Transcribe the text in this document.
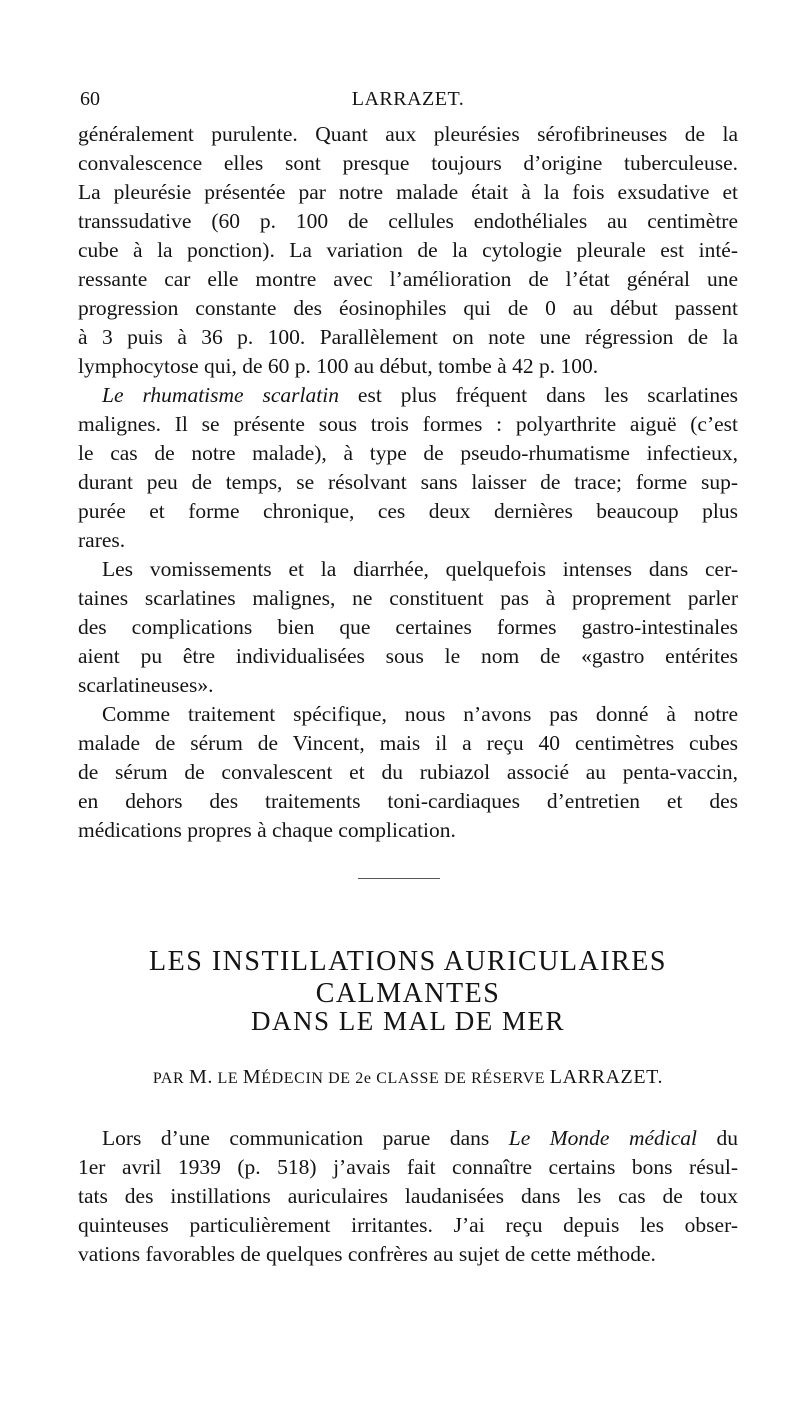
60	LARRAZET.
généralement purulente. Quant aux pleurésies sérofibrineuses de la
convalescence elles sont presque toujours d’origine tuberculeuse.
La pleurésie présentée par notre malade était à la fois exsudative et
transsudative (60 p. 100 de cellules endothéliales au centimètre
cube à la ponction). La variation de la cytologie pleurale est inté-
ressante car elle montre avec l’amélioration de l’état général une
progression constante des éosinophiles qui de 0 au début passent
à 3 puis à 36 p. 100. Parallèlement on note une régression de la
lymphocytose qui, de 60 p. 100 au début, tombe à 42 p. 100.
Le rhumatisme scarlatin est plus fréquent dans les scarlatines
malignes. Il se présente sous trois formes : polyarthrite aiguë (c’est
le cas de notre malade), à type de pseudo-rhumatisme infectieux,
durant peu de temps, se résolvant sans laisser de trace; forme sup-
purée et forme chronique, ces deux dernières beaucoup plus
rares.
Les vomissements et la diarrhée, quelquefois intenses dans cer-
taines scarlatines malignes, ne constituent pas à proprement parler
des complications bien que certaines formes gastro-intestinales
aient pu être individualisées sous le nom de «gastro entérites
scarlatineuses».
Comme traitement spécifique, nous n’avons pas donné à notre
malade de sérum de Vincent, mais il a reçu 40 centimètres cubes
de sérum de convalescent et du rubiazol associé au penta-vaccin,
en dehors des traitements toni-cardiaques d’entretien et des
médications propres à chaque complication.
LES INSTILLATIONS AURICULAIRES CALMANTES
DANS LE MAL DE MER
PAR M. LE MÉDECIN DE 2e CLASSE DE RÉSERVE LARRAZET.
Lors d’une communication parue dans Le Monde médical du
1er avril 1939 (p. 518) j’avais fait connaître certains bons résul-
tats des instillations auriculaires laudanisées dans les cas de toux
quinteuses particulièrement irritantes. J’ai reçu depuis les obser-
vations favorables de quelques confrères au sujet de cette méthode.
